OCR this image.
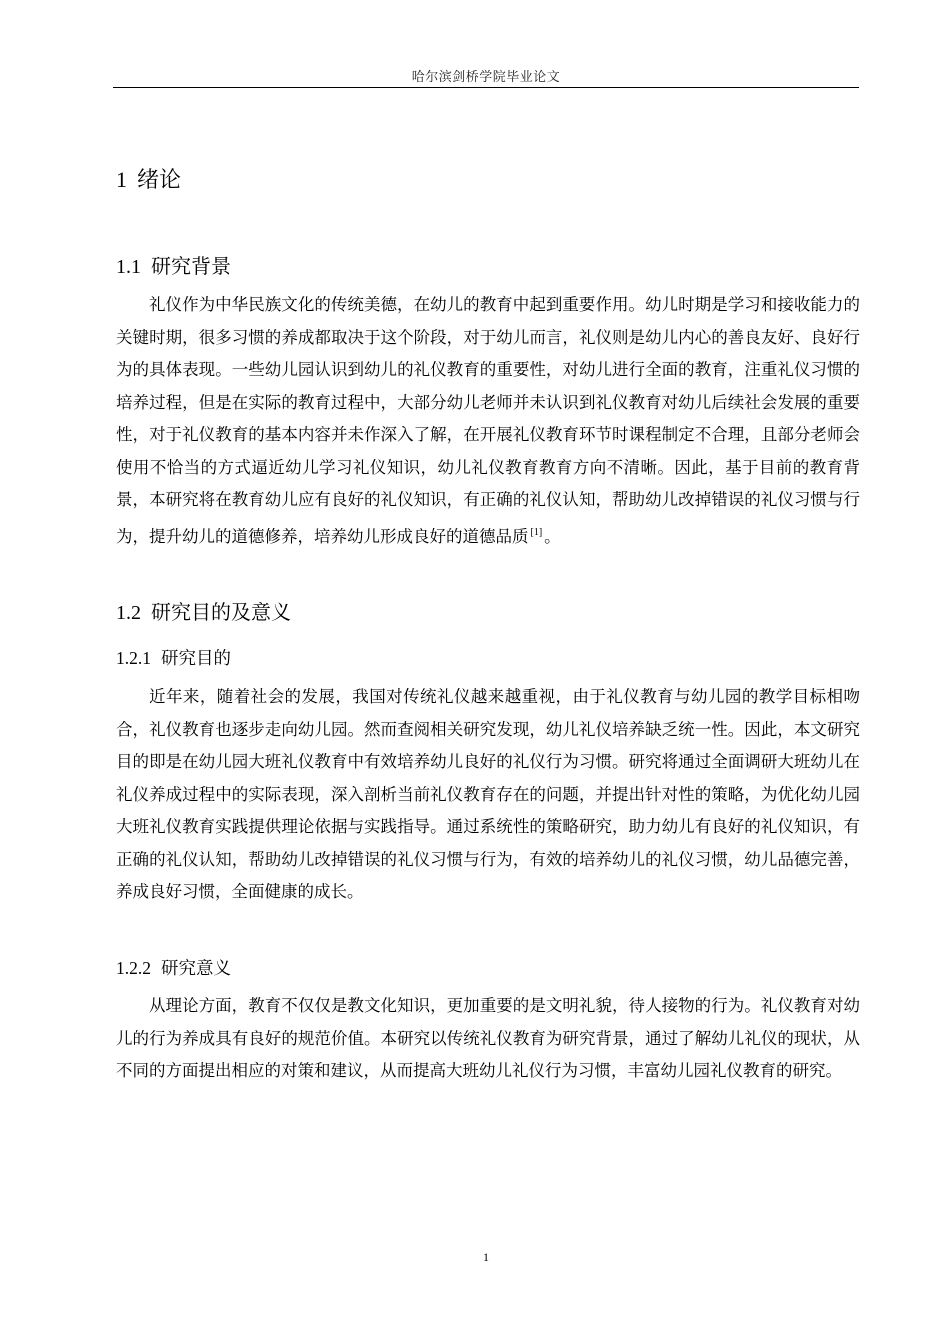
哈尔滨剑桥学院毕业论文
1 绪论
1.1 研究背景

礼仪作为中华民族文化的传统美德，在幼儿的教育中起到重要作用。幼儿时期是学习和接收能力的关键时期，很多习惯的养成都取决于这个阶段，对于幼儿而言，礼仪则是幼儿内心的善良友好、良好行为的具体表现。一些幼儿园认识到幼儿的礼仪教育的重要性，对幼儿进行全面的教育，注重礼仪习惯的培养过程，但是在实际的教育过程中，大部分幼儿老师并未认识到礼仪教育对幼儿后续社会发展的重要性，对于礼仪教育的基本内容并未作深入了解，在开展礼仪教育环节时课程制定不合理，且部分老师会使用不恰当的方式逼近幼儿学习礼仪知识，幼儿礼仪教育教育方向不清晰。因此，基于目前的教育背景，本研究将在教育幼儿应有良好的礼仪知识，有正确的礼仪认知，帮助幼儿改掉错误的礼仪习惯与行为，提升幼儿的道德修养，培养幼儿形成良好的道德品质 [1] 。

1.2 研究目的及意义
1.2.1 研究目的

近年来，随着社会的发展，我国对传统礼仪越来越重视，由于礼仪教育与幼儿园的教学目标相吻合，礼仪教育也逐步走向幼儿园。然而查阅相关研究发现，幼儿礼仪培养缺乏统一性。因此，本文研究目的即是在幼儿园大班礼仪教育中有效培养幼儿良好的礼仪行为习惯。研究将通过全面调研大班幼儿在礼仪养成过程中的实际表现，深入剖析当前礼仪教育存在的问题，并提出针对性的策略，为优化幼儿园大班礼仪教育实践提供理论依据与实践指导。通过系统性的策略研究，助力幼儿有良好的礼仪知识，有正确的礼仪认知，帮助幼儿改掉错误的礼仪习惯与行为，有效的培养幼儿的礼仪习惯，幼儿品德完善，养成良好习惯，全面健康的成长。

1.2.2 研究意义

从理论方面，教育不仅仅是教文化知识，更加重要的是文明礼貌，待人接物的行为。礼仪教育对幼儿的行为养成具有良好的规范价值。本研究以传统礼仪教育为研究背景，通过了解幼儿礼仪的现状，从不同的方面提出相应的对策和建议，从而提高大班幼儿礼仪行为习惯，丰富幼儿园礼仪教育的研究。

1
